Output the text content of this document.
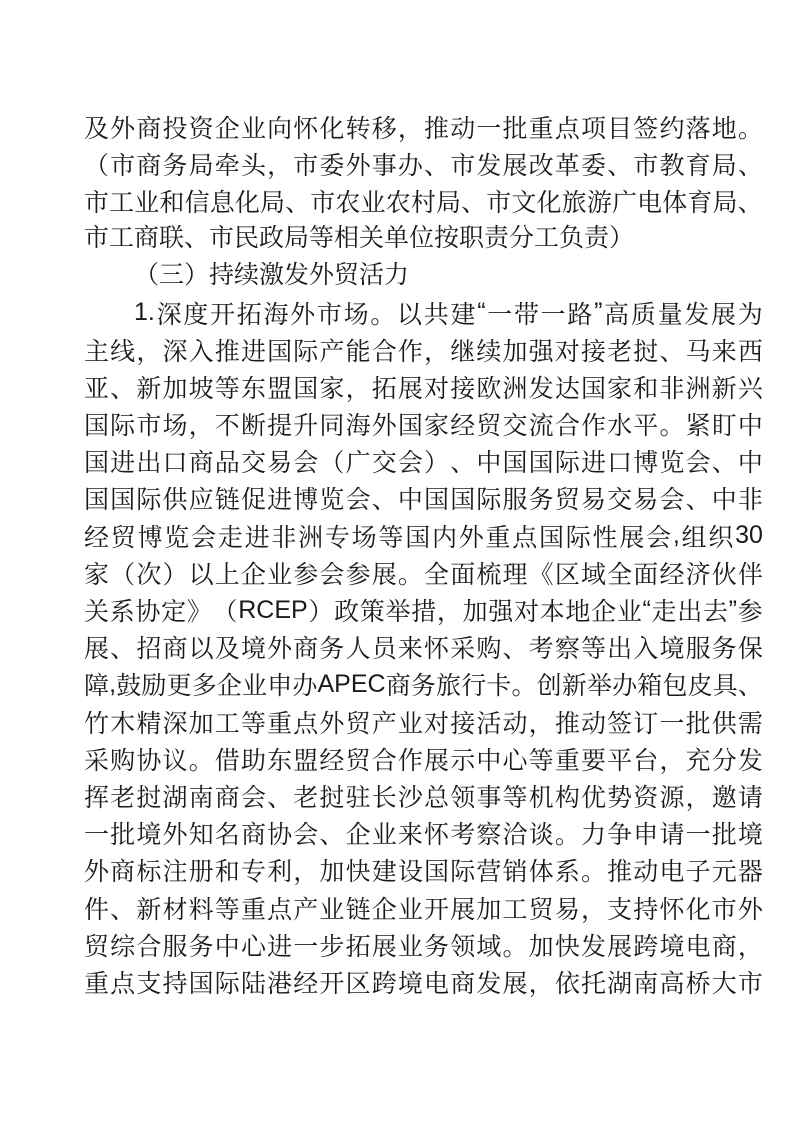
及 外 商 投 资 企 业 向 怀 化 转 移 ， 推 动 一 批 重 点 项 目 签 约 落 地 。
（ 市 商 务 局 牵 头 ， 市 委 外 事 办 、 市 发 展 改 革 委 、 市 教 育 局 、
市 工 业 和 信 息 化 局 、 市 农 业 农 村 局 、 市 文 化 旅 游 广 电 体 育 局 、
市工商联、市民政局等相关单位按职责分工负责）
（三）持续激发外贸活力
1. 深 度 开 拓 海 外 市 场 。 以 共 建 “ 一 带 一 路 ” 高 质 量 发 展 为
主 线 ， 深 入 推 进 国 际 产 能 合 作 ， 继 续 加 强 对 接 老 挝 、 马 来 西
亚 、 新 加 坡 等 东 盟 国 家 ， 拓 展 对 接 欧 洲 发 达 国 家 和 非 洲 新 兴
国 际 市 场 ， 不 断 提 升 同 海 外 国 家 经 贸 交 流 合 作 水 平 。 紧 盯 中
国 进 出 口 商 品 交 易 会 （ 广 交 会 ） 、 中 国 国 际 进 口 博 览 会 、 中
国 国 际 供 应 链 促 进 博 览 会 、 中 国 国 际 服 务 贸 易 交 易 会 、 中 非
经 贸 博 览 会 走 进 非 洲 专 场 等 国 内 外 重 点 国 际 性 展 会 , 组 织 30
家 （ 次 ） 以 上 企 业 参 会 参 展 。 全 面 梳 理 《 区 域 全 面 经 济 伙 伴
关 系 协 定 》 （ RCEP ） 政 策 举 措 ， 加 强 对 本 地 企 业 “ 走 出 去 ” 参
展 、 招 商 以 及 境 外 商 务 人 员 来 怀 采 购 、 考 察 等 出 入 境 服 务 保
障 , 鼓 励 更 多 企 业 申 办 APEC 商 务 旅 行 卡 。 创 新 举 办 箱 包 皮 具 、
竹 木 精 深 加 工 等 重 点 外 贸 产 业 对 接 活 动 ， 推 动 签 订 一 批 供 需
采 购 协 议 。 借 助 东 盟 经 贸 合 作 展 示 中 心 等 重 要 平 台 ， 充 分 发
挥 老 挝 湖 南 商 会 、 老 挝 驻 长 沙 总 领 事 等 机 构 优 势 资 源 ， 邀 请
一 批 境 外 知 名 商 协 会 、 企 业 来 怀 考 察 洽 谈 。 力 争 申 请 一 批 境
外 商 标 注 册 和 专 利 ， 加 快 建 设 国 际 营 销 体 系 。 推 动 电 子 元 器
件 、 新 材 料 等 重 点 产 业 链 企 业 开 展 加 工 贸 易 ， 支 持 怀 化 市 外
贸 综 合 服 务 中 心 进 一 步 拓 展 业 务 领 域 。 加 快 发 展 跨 境 电 商 ，
重 点 支 持 国 际 陆 港 经 开 区 跨 境 电 商 发 展 ， 依 托 湖 南 高 桥 大 市
